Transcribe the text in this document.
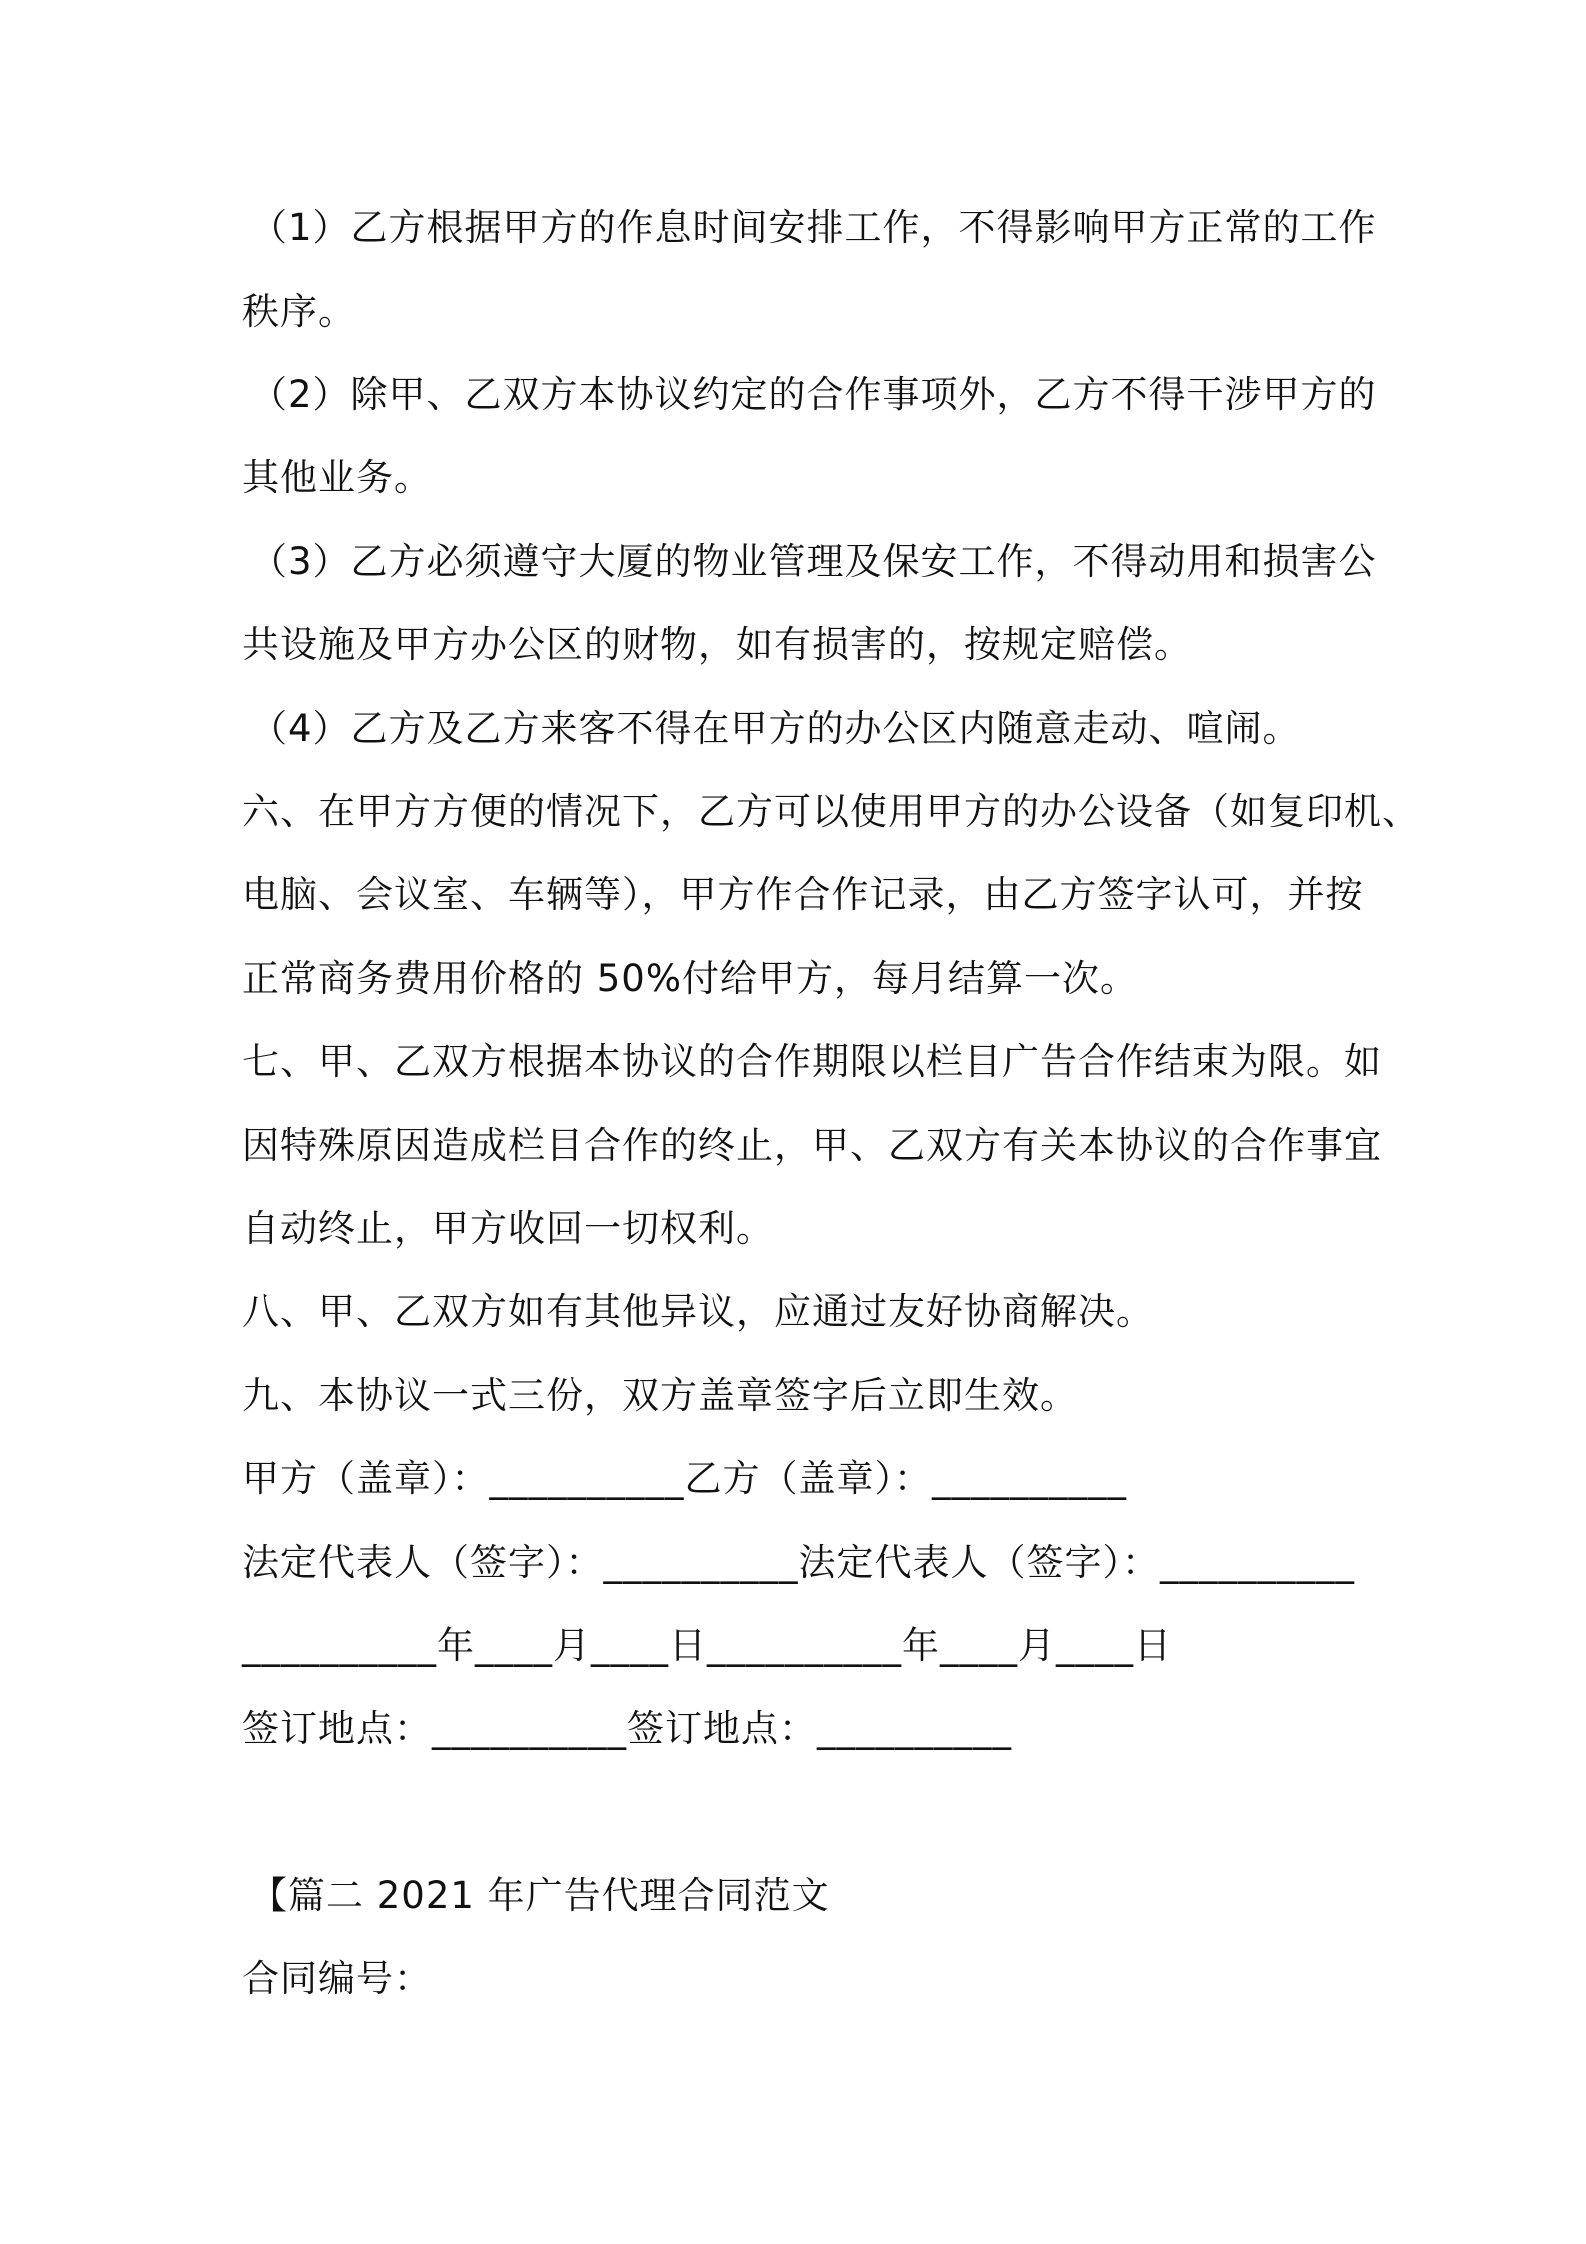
（1）乙方根据甲方的作息时间安排工作，不得影响甲方正常的工作
秩序。
（2）除甲、乙双方本协议约定的合作事项外，乙方不得干涉甲方的
其他业务。
（3）乙方必须遵守大厦的物业管理及保安工作，不得动用和损害公
共设施及甲方办公区的财物，如有损害的，按规定赔偿。
（4）乙方及乙方来客不得在甲方的办公区内随意走动、喧闹。
六、在甲方方便的情况下，乙方可以使用甲方的办公设备（如复印机、
电脑、会议室、车辆等），甲方作合作记录，由乙方签字认可，并按
正常商务费用价格的 50%付给甲方，每月结算一次。
七、甲、乙双方根据本协议的合作期限以栏目广告合作结束为限。如
因特殊原因造成栏目合作的终止，甲、乙双方有关本协议的合作事宜
自动终止，甲方收回一切权利。
八、甲、乙双方如有其他异议，应通过友好协商解决。
九、本协议一式三份，双方盖章签字后立即生效。
甲方（盖章）：__________乙方（盖章）：__________
法定代表人（签字）：__________法定代表人（签字）：__________
__________年____月____日__________年____月____日
签订地点：__________签订地点：__________
【篇二 2021 年广告代理合同范文
合同编号：
